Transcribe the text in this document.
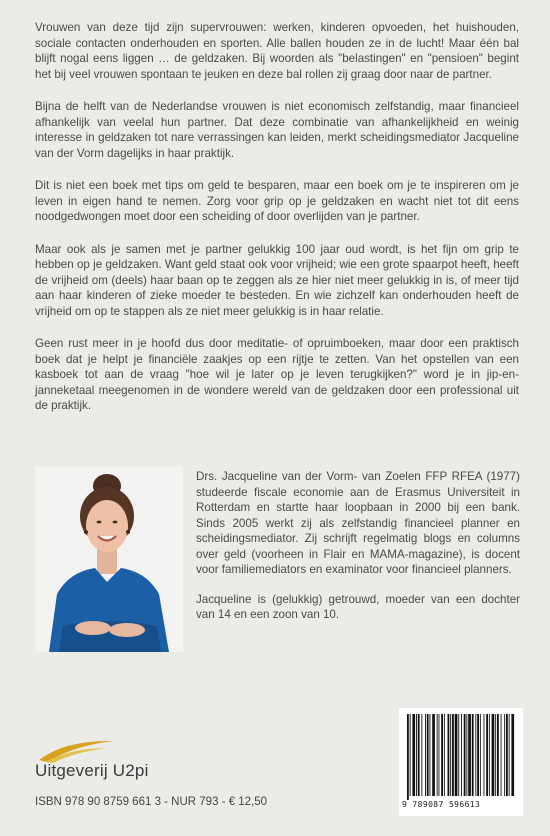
Vrouwen van deze tijd zijn supervrouwen: werken, kinderen opvoeden, het huishouden, sociale contacten onderhouden en sporten. Alle ballen houden ze in de lucht! Maar één bal blijft nogal eens liggen … de geldzaken. Bij woorden als "belastingen" en "pensioen" begint het bij veel vrouwen spontaan te jeuken en deze bal rollen zij graag door naar de partner.

Bijna de helft van de Nederlandse vrouwen is niet economisch zelfstandig, maar financieel afhankelijk van veelal hun partner. Dat deze combinatie van afhankelijkheid en weinig interesse in geldzaken tot nare verrassingen kan leiden, merkt scheidingsmediator Jacqueline van der Vorm dagelijks in haar praktijk.

Dit is niet een boek met tips om geld te besparen, maar een boek om je te inspireren om je leven in eigen hand te nemen. Zorg voor grip op je geldzaken en wacht niet tot dit eens noodgedwongen moet door een scheiding of door overlijden van je partner.

Maar ook als je samen met je partner gelukkig 100 jaar oud wordt, is het fijn om grip te hebben op je geldzaken. Want geld staat ook voor vrijheid; wie een grote spaarpot heeft, heeft de vrijheid om (deels) haar baan op te zeggen als ze hier niet meer gelukkig in is, of meer tijd aan haar kinderen of zieke moeder te besteden. En wie zichzelf kan onderhouden heeft de vrijheid om op te stappen als ze niet meer gelukkig is in haar relatie.

Geen rust meer in je hoofd dus door meditatie- of opruimboeken, maar door een praktisch boek dat je helpt je financiële zaakjes op een rijtje te zetten. Van het opstellen van een kasboek tot aan de vraag "hoe wil je later op je leven terugkijken?" word je in jip-en-janneketaal meegenomen in de wondere wereld van de geldzaken door een professional uit de praktijk.

Drs. Jacqueline van der Vorm- van Zoelen FFP RFEA (1977) studeerde fiscale economie aan de Erasmus Universiteit in Rotterdam en startte haar loopbaan in 2000 bij een bank. Sinds 2005 werkt zij als zelfstandig financieel planner en scheidingsmediator. Zij schrijft regelmatig blogs en columns over geld (voorheen in Flair en MAMA-magazine), is docent voor familiemediators en examinator voor financieel planners.

Jacqueline is (gelukkig) getrouwd, moeder van een dochter van 14 en een zoon van 10.

Uitgeverij U2pi
ISBN 978 90 8759 661 3 - NUR 793 - € 12,50	9 789087 596613
